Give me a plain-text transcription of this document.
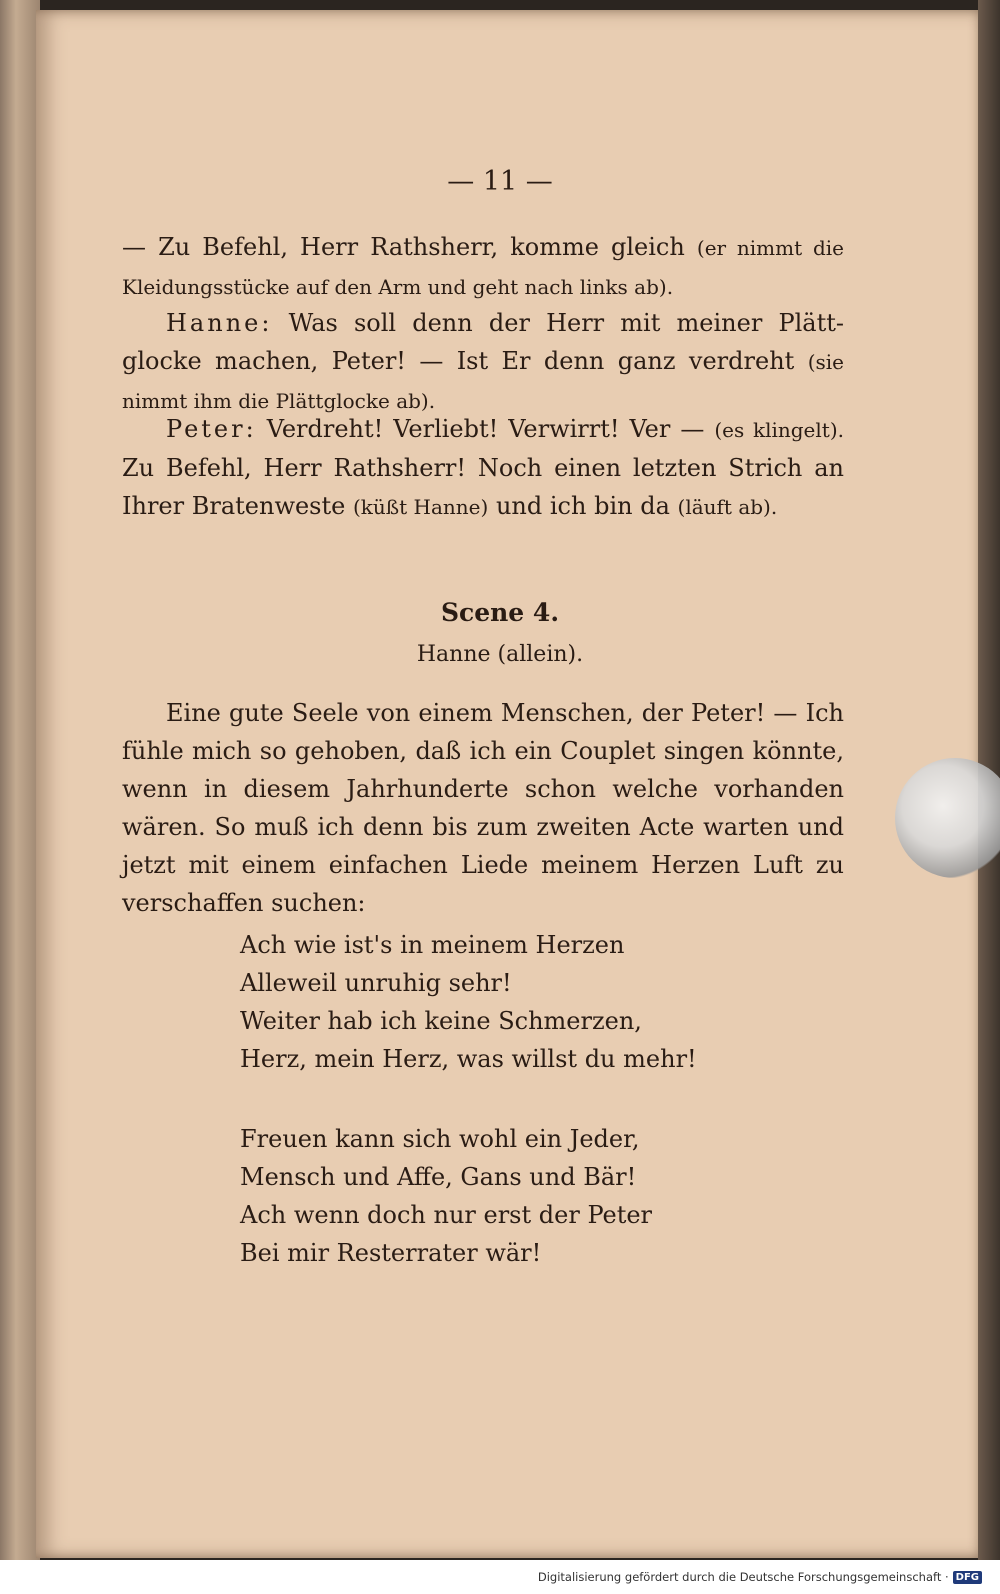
— 11 —
— Zu Befehl, Herr Rathsherr, komme gleich (er nimmt die Kleidungsstücke auf den Arm und geht nach links ab).
Hanne: Was soll denn der Herr mit meiner Plättglocke machen, Peter! — Ist Er denn ganz verdreht (sie nimmt ihm die Plättglocke ab).
Peter: Verdreht! Verliebt! Verwirrt! Ver — (es klingelt). Zu Befehl, Herr Rathsherr! Noch einen letzten Strich an Ihrer Bratenweste (küßt Hanne) und ich bin da (läuft ab).
Scene 4.
Hanne (allein).
Eine gute Seele von einem Menschen, der Peter! — Ich fühle mich so gehoben, daß ich ein Couplet singen könnte, wenn in diesem Jahrhunderte schon welche vorhanden wären. So muß ich denn bis zum zweiten Acte warten und jetzt mit einem einfachen Liede meinem Herzen Luft zu verschaffen suchen:
Ach wie ist's in meinem Herzen
Alleweil unruhig sehr!
Weiter hab ich keine Schmerzen,
Herz, mein Herz, was willst du mehr!
Freuen kann sich wohl ein Jeder,
Mensch und Affe, Gans und Bär!
Ach wenn doch nur erst der Peter
Bei mir Resterrater wär!
Digitalisierung gefördert durch die Deutsche Forschungsgemeinschaft · DFG
